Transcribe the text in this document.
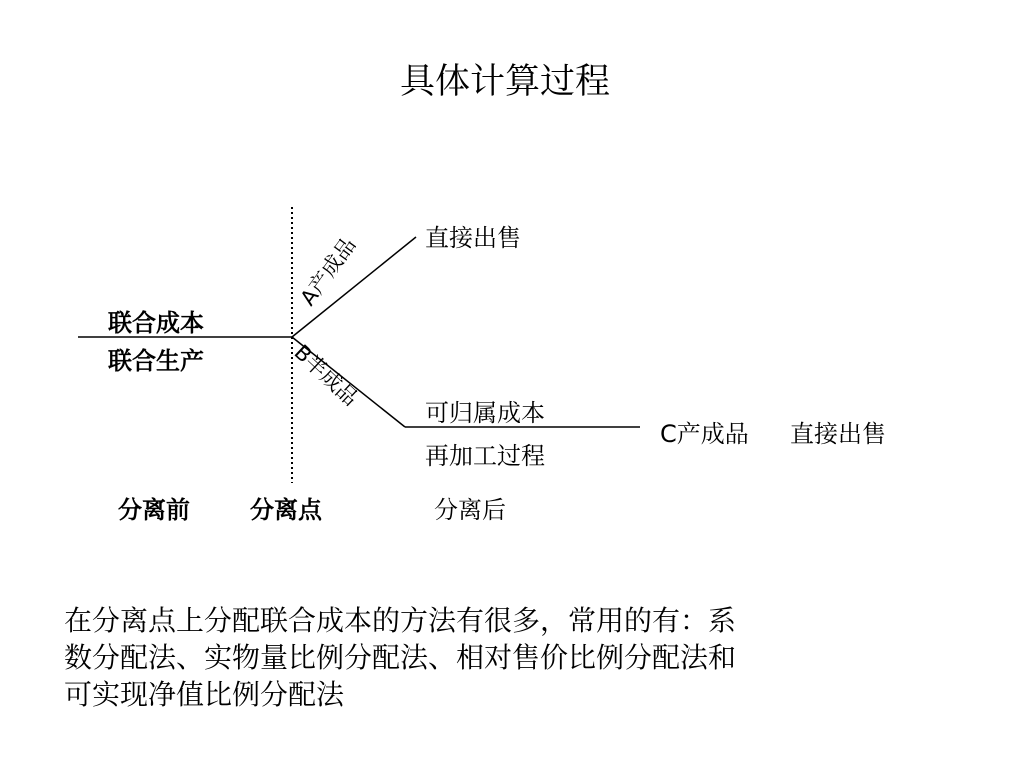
具体计算过程
A产成品
B半成品
联合成本
联合生产
直接出售
可归属成本
再加工过程
C产成品 直接出售
分离前	分离点	分离后
在分离点上分配联合成本的方法有很多，常用的有：系
数分配法、实物量比例分配法、相对售价比例分配法和
可实现净值比例分配法
